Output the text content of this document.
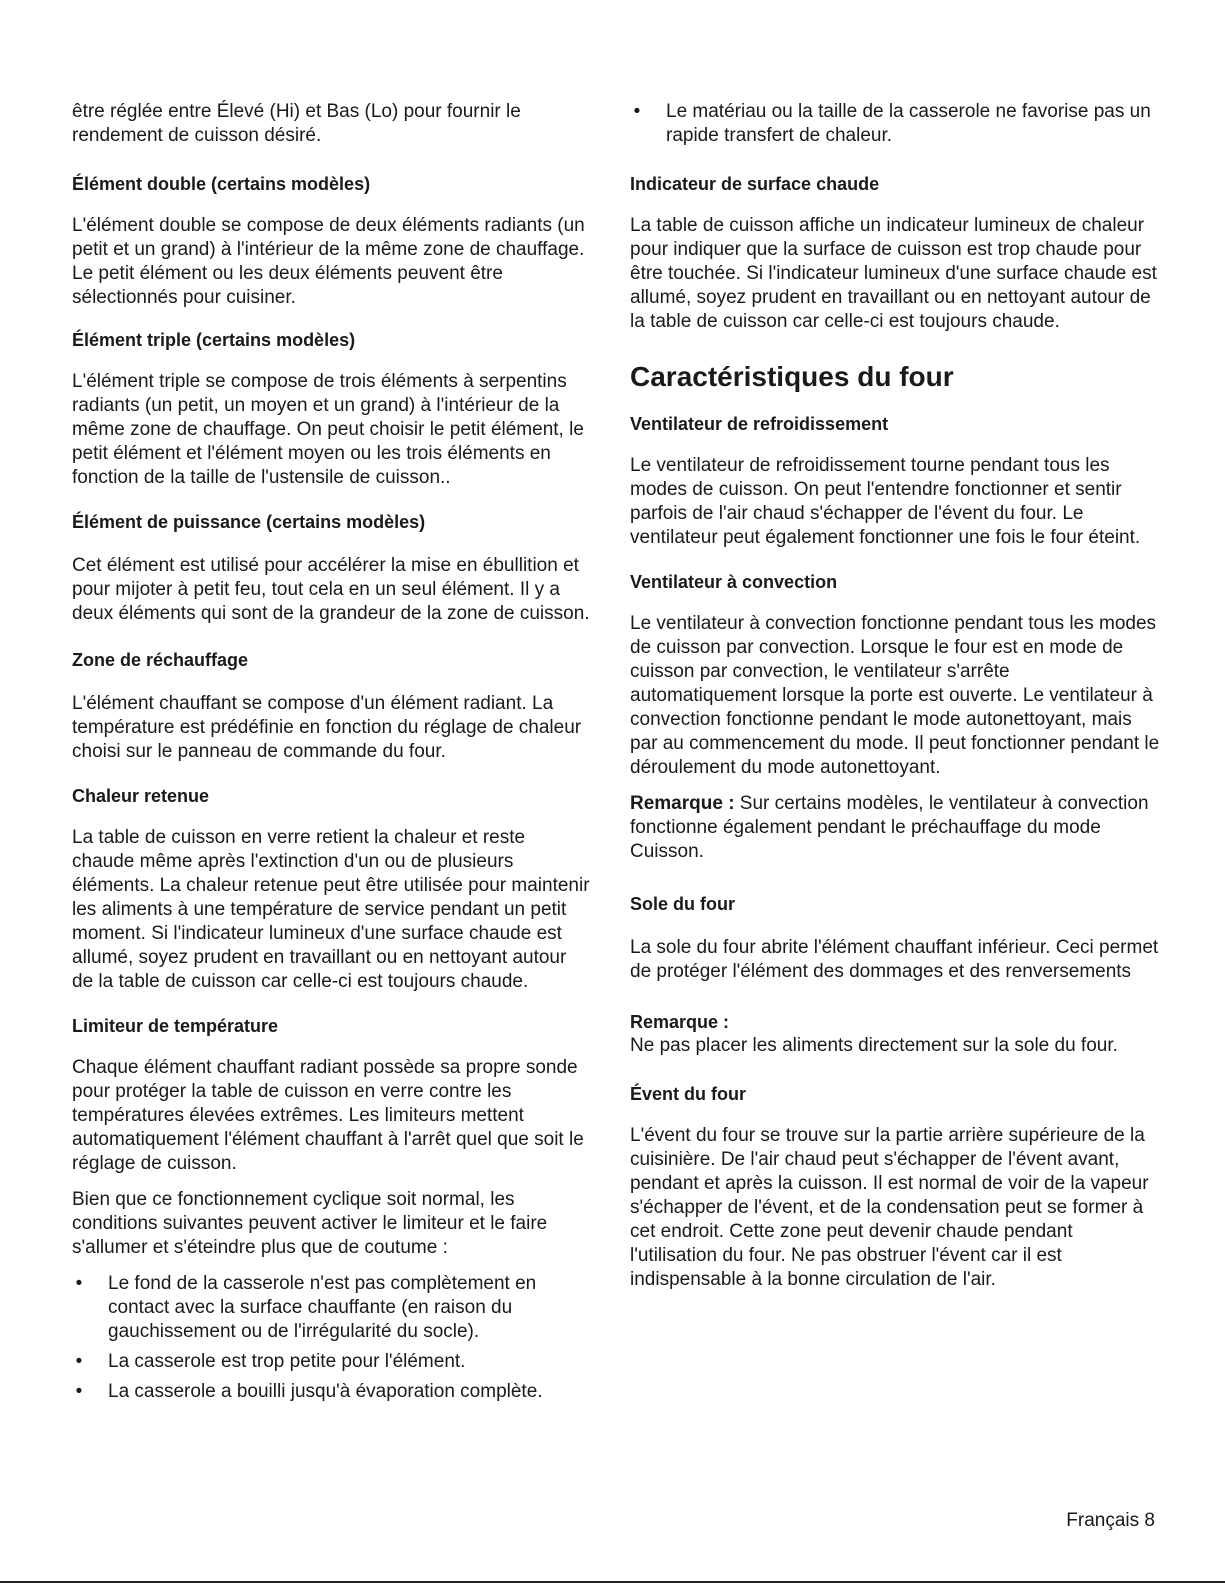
être réglée entre Élevé (Hi) et Bas (Lo) pour fournir le rendement de cuisson désiré.

Élément double (certains modèles)

L'élément double se compose de deux éléments radiants (un petit et un grand) à l'intérieur de la même zone de chauffage. Le petit élément ou les deux éléments peuvent être sélectionnés pour cuisiner.

Élément triple (certains modèles)

L'élément triple se compose de trois éléments à serpentins radiants (un petit, un moyen et un grand) à l'intérieur de la même zone de chauffage. On peut choisir le petit élément, le petit élément et l'élément moyen ou les trois éléments en fonction de la taille de l'ustensile de cuisson..

Élément de puissance (certains modèles)

Cet élément est utilisé pour accélérer la mise en ébullition et pour mijoter à petit feu, tout cela en un seul élément. Il y a deux éléments qui sont de la grandeur de la zone de cuisson.

Zone de réchauffage

L'élément chauffant se compose d'un élément radiant. La température est prédéfinie en fonction du réglage de chaleur choisi sur le panneau de commande du four.

Chaleur retenue

La table de cuisson en verre retient la chaleur et reste chaude même après l'extinction d'un ou de plusieurs éléments. La chaleur retenue peut être utilisée pour maintenir les aliments à une température de service pendant un petit moment. Si l'indicateur lumineux d'une surface chaude est allumé, soyez prudent en travaillant ou en nettoyant autour de la table de cuisson car celle-ci est toujours chaude.

Limiteur de température

Chaque élément chauffant radiant possède sa propre sonde pour protéger la table de cuisson en verre contre les températures élevées extrêmes. Les limiteurs mettent automatiquement l'élément chauffant à l'arrêt quel que soit le réglage de cuisson.

Bien que ce fonctionnement cyclique soit normal, les conditions suivantes peuvent activer le limiteur et le faire s'allumer et s'éteindre plus que de coutume :

• Le fond de la casserole n'est pas complètement en contact avec la surface chauffante (en raison du gauchissement ou de l'irrégularité du socle).
• La casserole est trop petite pour l'élément.
• La casserole a bouilli jusqu'à évaporation complète.
• Le matériau ou la taille de la casserole ne favorise pas un rapide transfert de chaleur.
Indicateur de surface chaude

La table de cuisson affiche un indicateur lumineux de chaleur pour indiquer que la surface de cuisson est trop chaude pour être touchée. Si l'indicateur lumineux d'une surface chaude est allumé, soyez prudent en travaillant ou en nettoyant autour de la table de cuisson car celle-ci est toujours chaude.

Caractéristiques du four
Ventilateur de refroidissement

Le ventilateur de refroidissement tourne pendant tous les modes de cuisson. On peut l'entendre fonctionner et sentir parfois de l'air chaud s'échapper de l'évent du four. Le ventilateur peut également fonctionner une fois le four éteint.

Ventilateur à convection

Le ventilateur à convection fonctionne pendant tous les modes de cuisson par convection. Lorsque le four est en mode de cuisson par convection, le ventilateur s'arrête automatiquement lorsque la porte est ouverte. Le ventilateur à convection fonctionne pendant le mode autonettoyant, mais par au commencement du mode. Il peut fonctionner pendant le déroulement du mode autonettoyant.

Remarque : Sur certains modèles, le ventilateur à convection fonctionne également pendant le préchauffage du mode Cuisson.

Sole du four

La sole du four abrite l'élément chauffant inférieur. Ceci permet de protéger l'élément des dommages et des renversements

Remarque :

Ne pas placer les aliments directement sur la sole du four.

Évent du four

L'évent du four se trouve sur la partie arrière supérieure de la cuisinière. De l'air chaud peut s'échapper de l'évent avant, pendant et après la cuisson. Il est normal de voir de la vapeur s'échapper de l'évent, et de la condensation peut se former à cet endroit. Cette zone peut devenir chaude pendant l'utilisation du four. Ne pas obstruer l'évent car il est indispensable à la bonne circulation de l'air.

Français 8
